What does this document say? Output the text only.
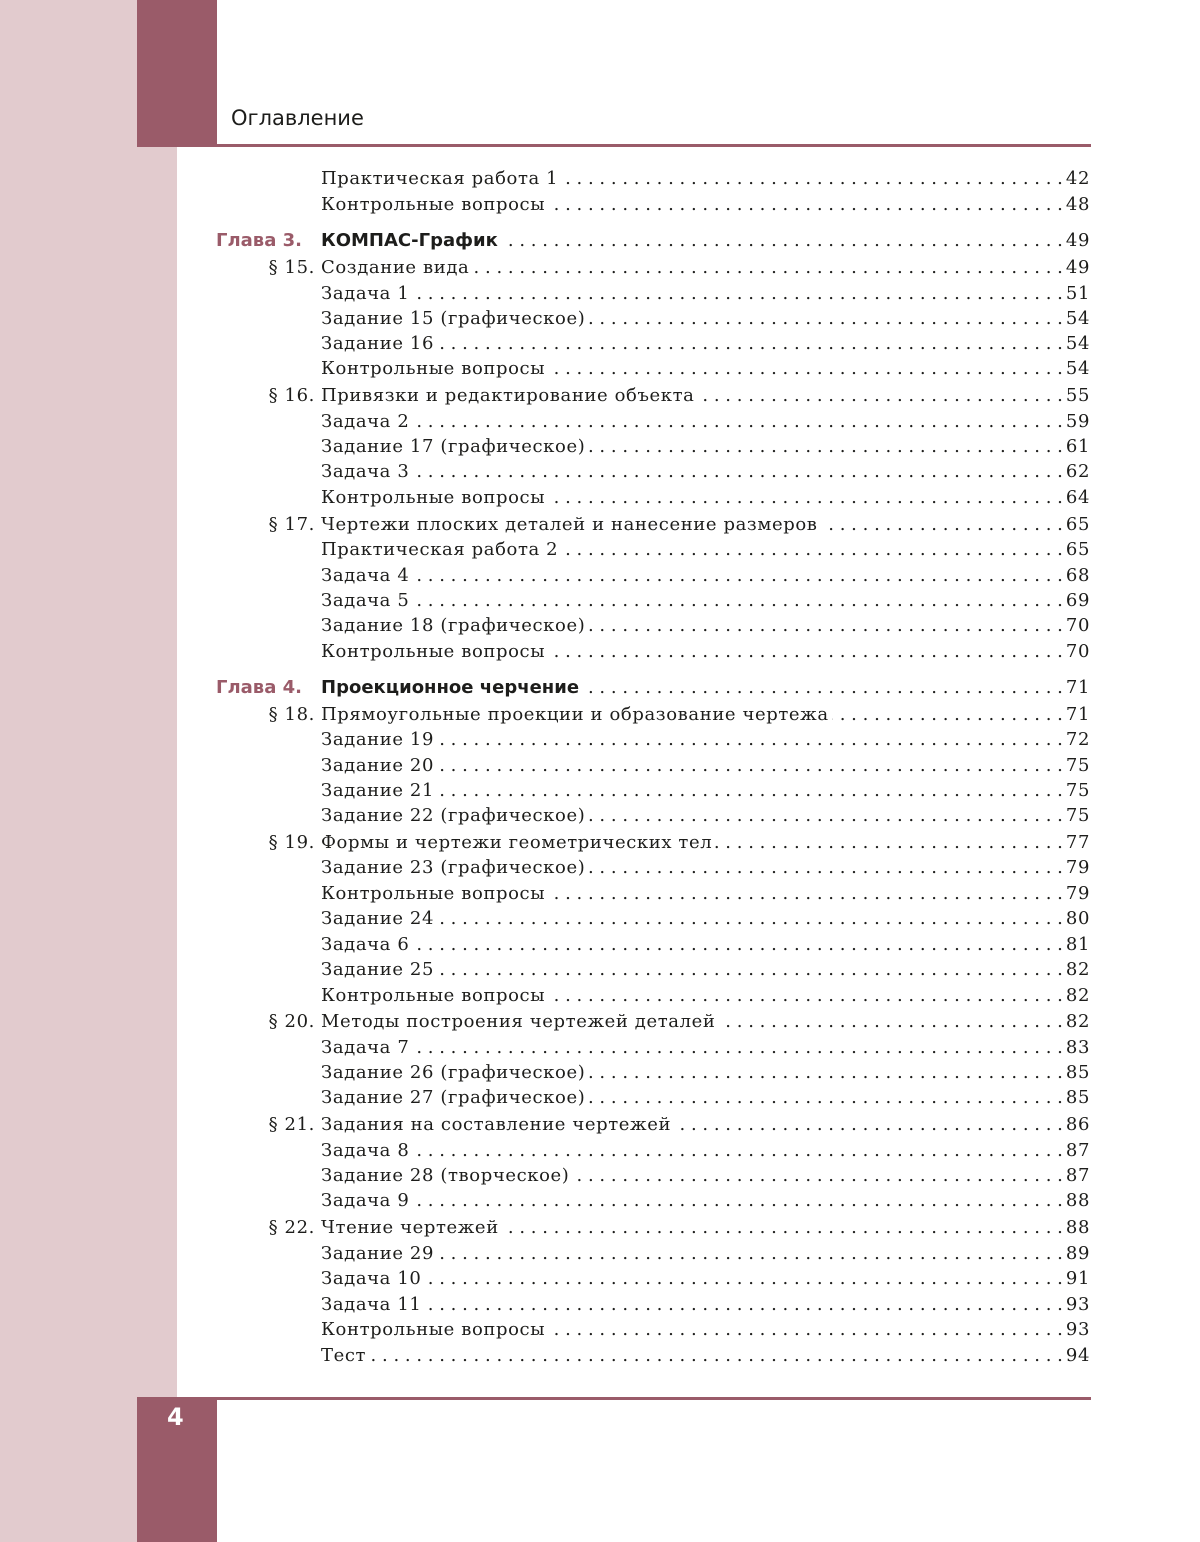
Оглавление
4
Практическая работа 1 . . .	42
Контрольные вопросы . . .	48
Глава 3.	КОМПАС-График . . .	49
§ 15. Создание вида . . .	49
Задача 1 . . .	51
Задание 15 (графическое) . . .	54
Задание 16 . . .	54
Контрольные вопросы . . .	54
§ 16. Привязки и редактирование объекта . . .	55
Задача 2 . . .	59
Задание 17 (графическое) . . .	61
Задача 3 . . .	62
Контрольные вопросы . . .	64
§ 17. Чертежи плоских деталей и нанесение размеров . . .	65
Практическая работа 2 . . .	65
Задача 4 . . .	68
Задача 5 . . .	69
Задание 18 (графическое) . . .	70
Контрольные вопросы . . .	70
Глава 4.	Проекционное черчение . . .	71
§ 18. Прямоугольные проекции и образование чертежа . . .	71
Задание 19 . . .	72
Задание 20 . . .	75
Задание 21 . . .	75
Задание 22 (графическое) . . .	75
§ 19. Формы и чертежи геометрических тел . . .	77
Задание 23 (графическое) . . .	79
Контрольные вопросы . . .	79
Задание 24 . . .	80
Задача 6 . . .	81
Задание 25 . . .	82
Контрольные вопросы . . .	82
§ 20. Методы построения чертежей деталей . . .	82
Задача 7 . . .	83
Задание 26 (графическое) . . .	85
Задание 27 (графическое) . . .	85
§ 21. Задания на составление чертежей . . .	86
Задача 8 . . .	87
Задание 28 (творческое) . . .	87
Задача 9 . . .	88
§ 22. Чтение чертежей . . .	88
Задание 29 . . .	89
Задача 10 . . .	91
Задача 11 . . .	93
Контрольные вопросы . . .	93
Тест . . .	94
